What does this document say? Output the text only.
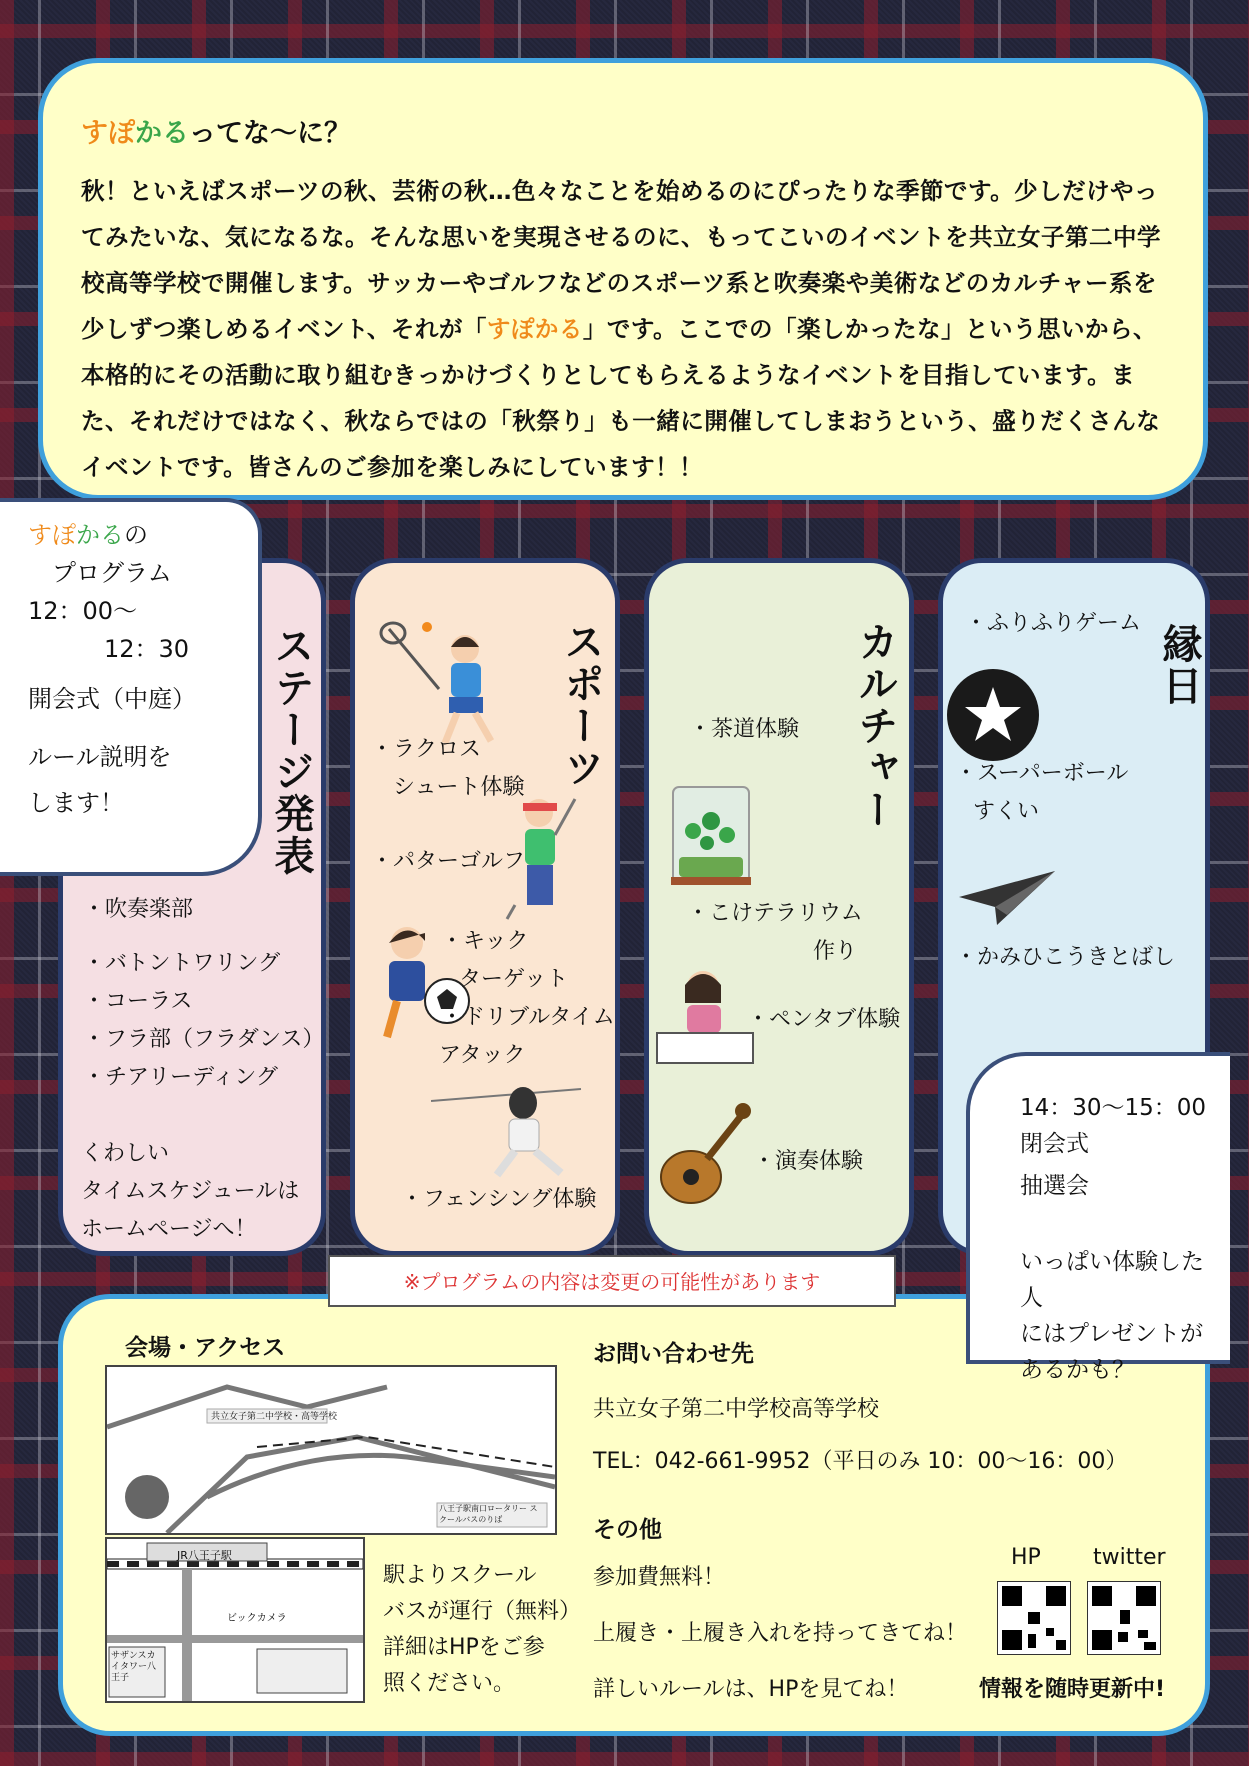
すぽかるってな〜に？

秋！といえばスポーツの秋、芸術の秋…色々なことを始めるのにぴったりな季節です。少しだけやってみたいな、気になるな。そんな思いを実現させるのに、もってこいのイベントを共立女子第二中学校高等学校で開催します。サッカーやゴルフなどのスポーツ系と吹奏楽や美術などのカルチャー系を少しずつ楽しめるイベント、それが「すぽかる」です。ここでの「楽しかったな」という思いから、本格的にその活動に取り組むきっかけづくりとしてもらえるようなイベントを目指しています。また、それだけではなく、秋ならではの「秋祭り」も一緒に開催してしまおうという、盛りだくさんなイベントです。皆さんのご参加を楽しみにしています！！

すぽかるの
プログラム
12：00〜
12：30
開会式（中庭）
ルール説明を
します！	ステージ発表
・吹奏楽部
・バトントワリング
・コーラス
・フラ部（フラダンス）
・チアリーディング
くわしい
タイムスケジュールは
ホームページへ！
スポーツ
・ラクロス
シュート体験
・パターゴルフ
・キック
ターゲット
・ドリブルタイム
アタック
・フェンシング体験
カルチャー
・茶道体験
・こけテラリウム
作り
・ペンタブ体験
・演奏体験
縁日
・ふりふりゲーム
・スーパーボール
すくい
・かみひこうきとばし
14：30〜15：00
閉会式
抽選会
いっぱい体験した人
にはプレゼントが
あるかも？
※プログラムの内容は変更の可能性があります
会場・アクセス
共立女子第二中学校・高等学校
八王子駅南口ロータリー スクールバスのりば
JR八王子駅
ビックカメラ
サザンスカイタワー八王子
駅よりスクール
バスが運行（無料）
詳細はHPをご参
照ください。
お問い合わせ先
共立女子第二中学校高等学校
TEL：042-661-9952（平日のみ 10：00〜16：00）
その他
参加費無料！
上履き・上履き入れを持ってきてね！
詳しいルールは、HPを見てね！
HP twitter
情報を随時更新中!
